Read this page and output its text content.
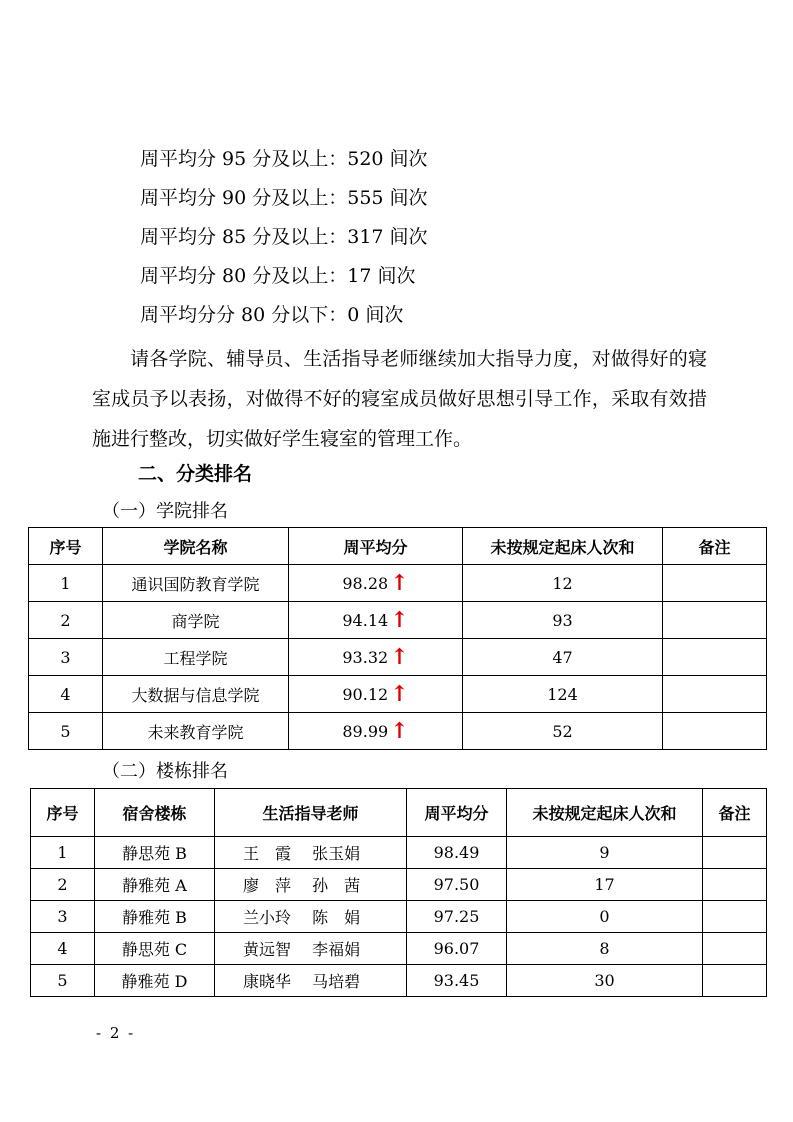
周平均分 95 分及以上：520 间次
周平均分 90 分及以上：555 间次
周平均分 85 分及以上：317 间次
周平均分 80 分及以上：17 间次
周平均分分 80 分以下：0 间次

请各学院、辅导员、生活指导老师继续加大指导力度，对做得好的寝室成员予以表扬，对做得不好的寝室成员做好思想引导工作，采取有效措施进行整改，切实做好学生寝室的管理工作。

二、分类排名
（一）学院排名
序号	学院名称	周平均分	未按规定起床人次和	备注
1	通识国防教育学院	98.28↑	12	
2	商学院	94.14↑	93	
3	工程学院	93.32↑	47	
4	大数据与信息学院	90.12↑	124	
5	未来教育学院	89.99↑	52	
（二）楼栋排名
序号	宿舍楼栋	生活指导老师	周平均分	未按规定起床人次和	备注
1	静思苑 B	王　霞　 张玉娟	98.49	9	
2	静雅苑 A	廖　萍　 孙　茜	97.50	17	
3	静雅苑 B	兰小玲　 陈　娟	97.25	0	
4	静思苑 C	黄远智　 李福娟	96.07	8	
5	静雅苑 D	康晓华　 马培碧	93.45	30	
- 2 -
